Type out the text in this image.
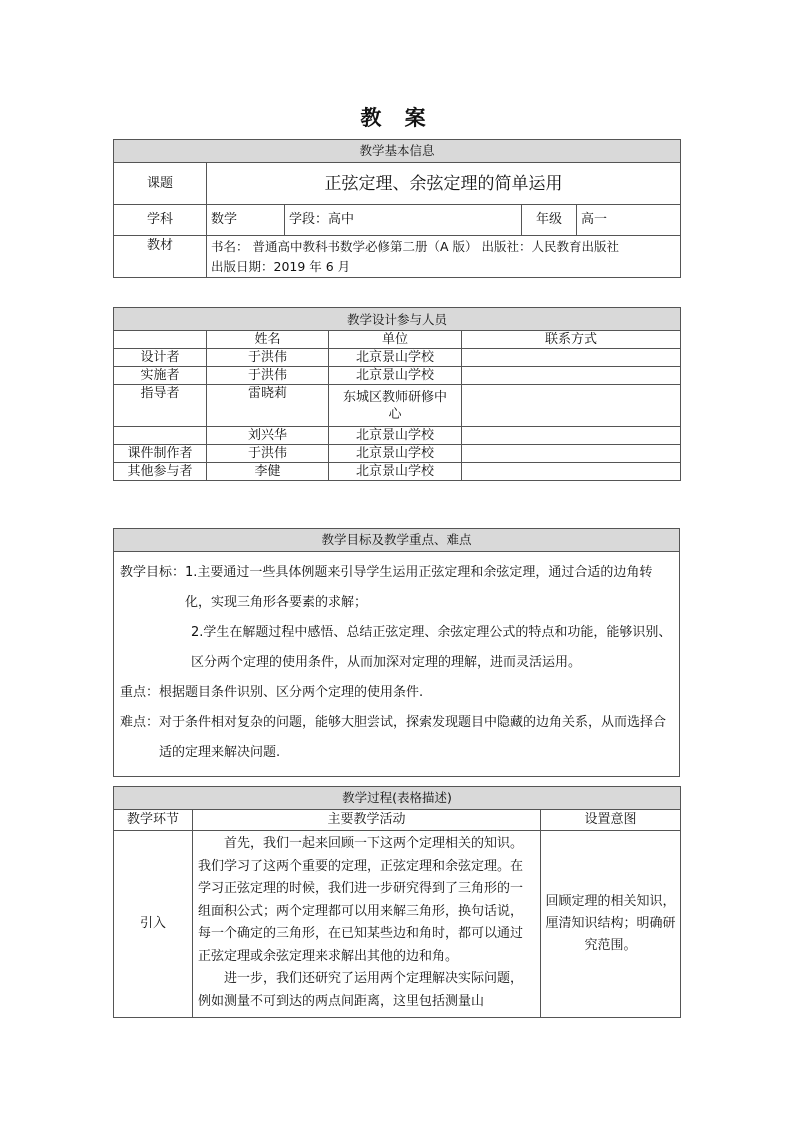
教 案
教学基本信息				
课题	正弦定理、余弦定理的简单运用			
学科	数学	学段：高中	年级	高一
教材	书名： 普通高中教科书数学必修第二册（A 版） 出版社：人民教育出版社
出版日期：2019 年 6 月			
教学设计参与人员			
	姓名	单位	联系方式
设计者	于洪伟	北京景山学校	
实施者	于洪伟	北京景山学校	
指导者	雷晓莉	东城区教师研修中心	
	刘兴华	北京景山学校	
课件制作者	于洪伟	北京景山学校	
其他参与者	李健	北京景山学校	
教学目标及教学重点、难点

教学目标： 1.主要通过一些具体例题来引导学生运用正弦定理和余弦定理，通过合适的边角转化，实现三角形各要素的求解；
2.学生在解题过程中感悟、总结正弦定理、余弦定理公式的特点和功能，能够识别、区分两个定理的使用条件，从而加深对定理的理解，进而灵活运用。
重点： 根据题目条件识别、区分两个定理的使用条件.
难点： 对于条件相对复杂的问题，能够大胆尝试，探索发现题目中隐藏的边角关系，从而选择合适的定理来解决问题.
教学过程(表格描述)		
教学环节	主要教学活动	设置意图
引入	首先，我们一起来回顾一下这两个定理相关的知识。我们学习了这两个重要的定理，正弦定理和余弦定理。在学习正弦定理的时候，我们进一步研究得到了三角形的一组面积公式；两个定理都可以用来解三角形，换句话说，每一个确定的三角形，在已知某些边和角时，都可以通过正弦定理或余弦定理来求解出其他的边和角。
进一步，我们还研究了运用两个定理解决实际问题，例如测量不可到达的两点间距离，这里包括测量山	回顾定理的相关知识，厘清知识结构；明确研究范围。
